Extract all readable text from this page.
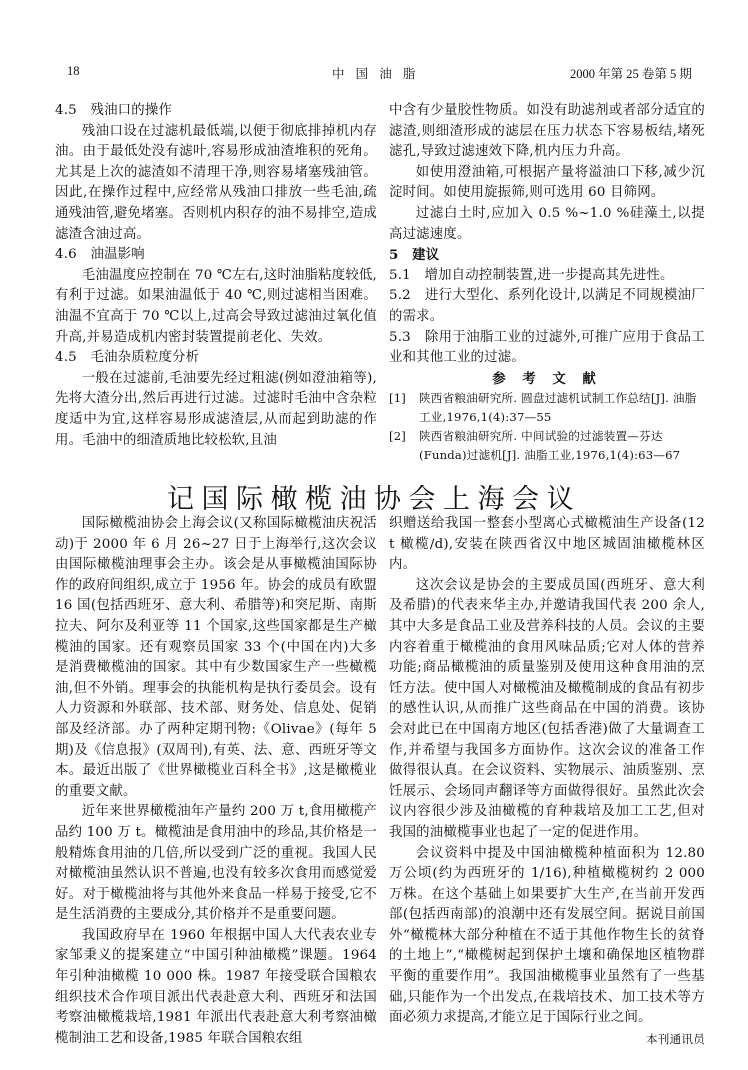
18	中 国 油 脂	2000 年第 25 卷第 5 期

4.5　残油口的操作

残油口设在过滤机最低端,以便于彻底排掉机内存油。由于最低处没有滤叶,容易形成油渣堆积的死角。尤其是上次的滤渣如不清理干净,则容易堵塞残油管。因此,在操作过程中,应经常从残油口排放一些毛油,疏通残油管,避免堵塞。否则机内积存的油不易排空,造成滤渣含油过高。

4.6　油温影响

毛油温度应控制在 70 ℃左右,这时油脂粘度较低,有利于过滤。如果油温低于 40 ℃,则过滤相当困难。油温不宜高于 70 ℃以上,过高会导致过滤油过氧化值升高,并易造成机内密封装置提前老化、失效。

4.5　毛油杂质粒度分析

一般在过滤前,毛油要先经过粗滤(例如澄油箱等),先将大渣分出,然后再进行过滤。过滤时毛油中含杂粒度适中为宜,这样容易形成滤渣层,从而起到助滤的作用。毛油中的细渣质地比较松软,且油

中含有少量胶性物质。如没有助滤剂或者部分适宜的滤渣,则细渣形成的滤层在压力状态下容易板结,堵死滤孔,导致过滤速效下降,机内压力升高。

如使用澄油箱,可根据产量将溢油口下移,减少沉淀时间。如使用旋振筛,则可选用 60 目筛网。

过滤白土时,应加入 0.5 %~1.0 %硅藻土,以提高过滤速度。

5　建议

5.1　增加自动控制装置,进一步提高其先进性。

5.2　进行大型化、系列化设计,以满足不同规模油厂的需求。

5.3　除用于油脂工业的过滤外,可推广应用于食品工业和其他工业的过滤。

参 考 文 献

[1]	陕西省粮油研究所. 圆盘过滤机试制工作总结[J]. 油脂工业,1976,1(4):37—55
[2]	陕西省粮油研究所. 中间试验的过滤装置—芬达(Funda)过滤机[J]. 油脂工业,1976,1(4):63—67
记国际橄榄油协会上海会议

国际橄榄油协会上海会议(又称国际橄榄油庆祝活动)于 2000 年 6 月 26~27 日于上海举行,这次会议由国际橄榄油理事会主办。该会是从事橄榄油国际协作的政府间组织,成立于 1956 年。协会的成员有欧盟 16 国(包括西班牙、意大利、希腊等)和突尼斯、南斯拉夫、阿尔及利亚等 11 个国家,这些国家都是生产橄榄油的国家。还有观察员国家 33 个(中国在内)大多是消费橄榄油的国家。其中有少数国家生产一些橄榄油,但不外销。理事会的执能机构是执行委员会。设有人力资源和外联部、技术部、财务处、信息处、促销部及经济部。办了两种定期刊物:《Olivae》(每年 5 期)及《信息报》(双周刊),有英、法、意、西班牙等文本。最近出版了《世界橄榄业百科全书》,这是橄榄业的重要文献。

近年来世界橄榄油年产量约 200 万 t,食用橄榄产品约 100 万 t。橄榄油是食用油中的珍品,其价格是一般精炼食用油的几倍,所以受到广泛的重视。我国人民对橄榄油虽然认识不普遍,也没有较多次食用而感觉爱好。对于橄榄油将与其他外来食品一样易于接受,它不是生活消费的主要成分,其价格并不是重要问题。

我国政府早在 1960 年根据中国人大代表农业专家邹秉义的提案建立“中国引种油橄榄”课题。1964 年引种油橄榄 10 000 株。1987 年接受联合国粮农组织技术合作项目派出代表赴意大利、西班牙和法国考察油橄榄栽培,1981 年派出代表赴意大利考察油橄榄制油工艺和设备,1985 年联合国粮农组

织赠送给我国一整套小型离心式橄榄油生产设备(12 t 橄榄/d),安装在陕西省汉中地区城固油橄榄林区内。

这次会议是协会的主要成员国(西班牙、意大利及希腊)的代表来华主办,并邀请我国代表 200 余人,其中大多是食品工业及营养科技的人员。会议的主要内容着重于橄榄油的食用风味品质;它对人体的营养功能;商品橄榄油的质量鉴别及使用这种食用油的烹饪方法。使中国人对橄榄油及橄榄制成的食品有初步的感性认识,从而推广这些商品在中国的消费。该协会对此已在中国南方地区(包括香港)做了大量调查工作,并希望与我国多方面协作。这次会议的准备工作做得很认真。在会议资料、实物展示、油质鉴别、烹饪展示、会场同声翻译等方面做得很好。虽然此次会议内容很少涉及油橄榄的育种栽培及加工工艺,但对我国的油橄榄事业也起了一定的促进作用。

会议资料中提及中国油橄榄种植面积为 12.80 万公顷(约为西班牙的 1/16),种植橄榄树约 2 000 万株。在这个基础上如果要扩大生产,在当前开发西部(包括西南部)的浪潮中还有发展空间。据说目前国外“橄榄林大部分种植在不适于其他作物生长的贫脊的土地上”,“橄榄树起到保护土壤和确保地区植物群平衡的重要作用”。我国油橄榄事业虽然有了一些基础,只能作为一个出发点,在栽培技术、加工技术等方面必须力求提高,才能立足于国际行业之间。
本刊通讯员
